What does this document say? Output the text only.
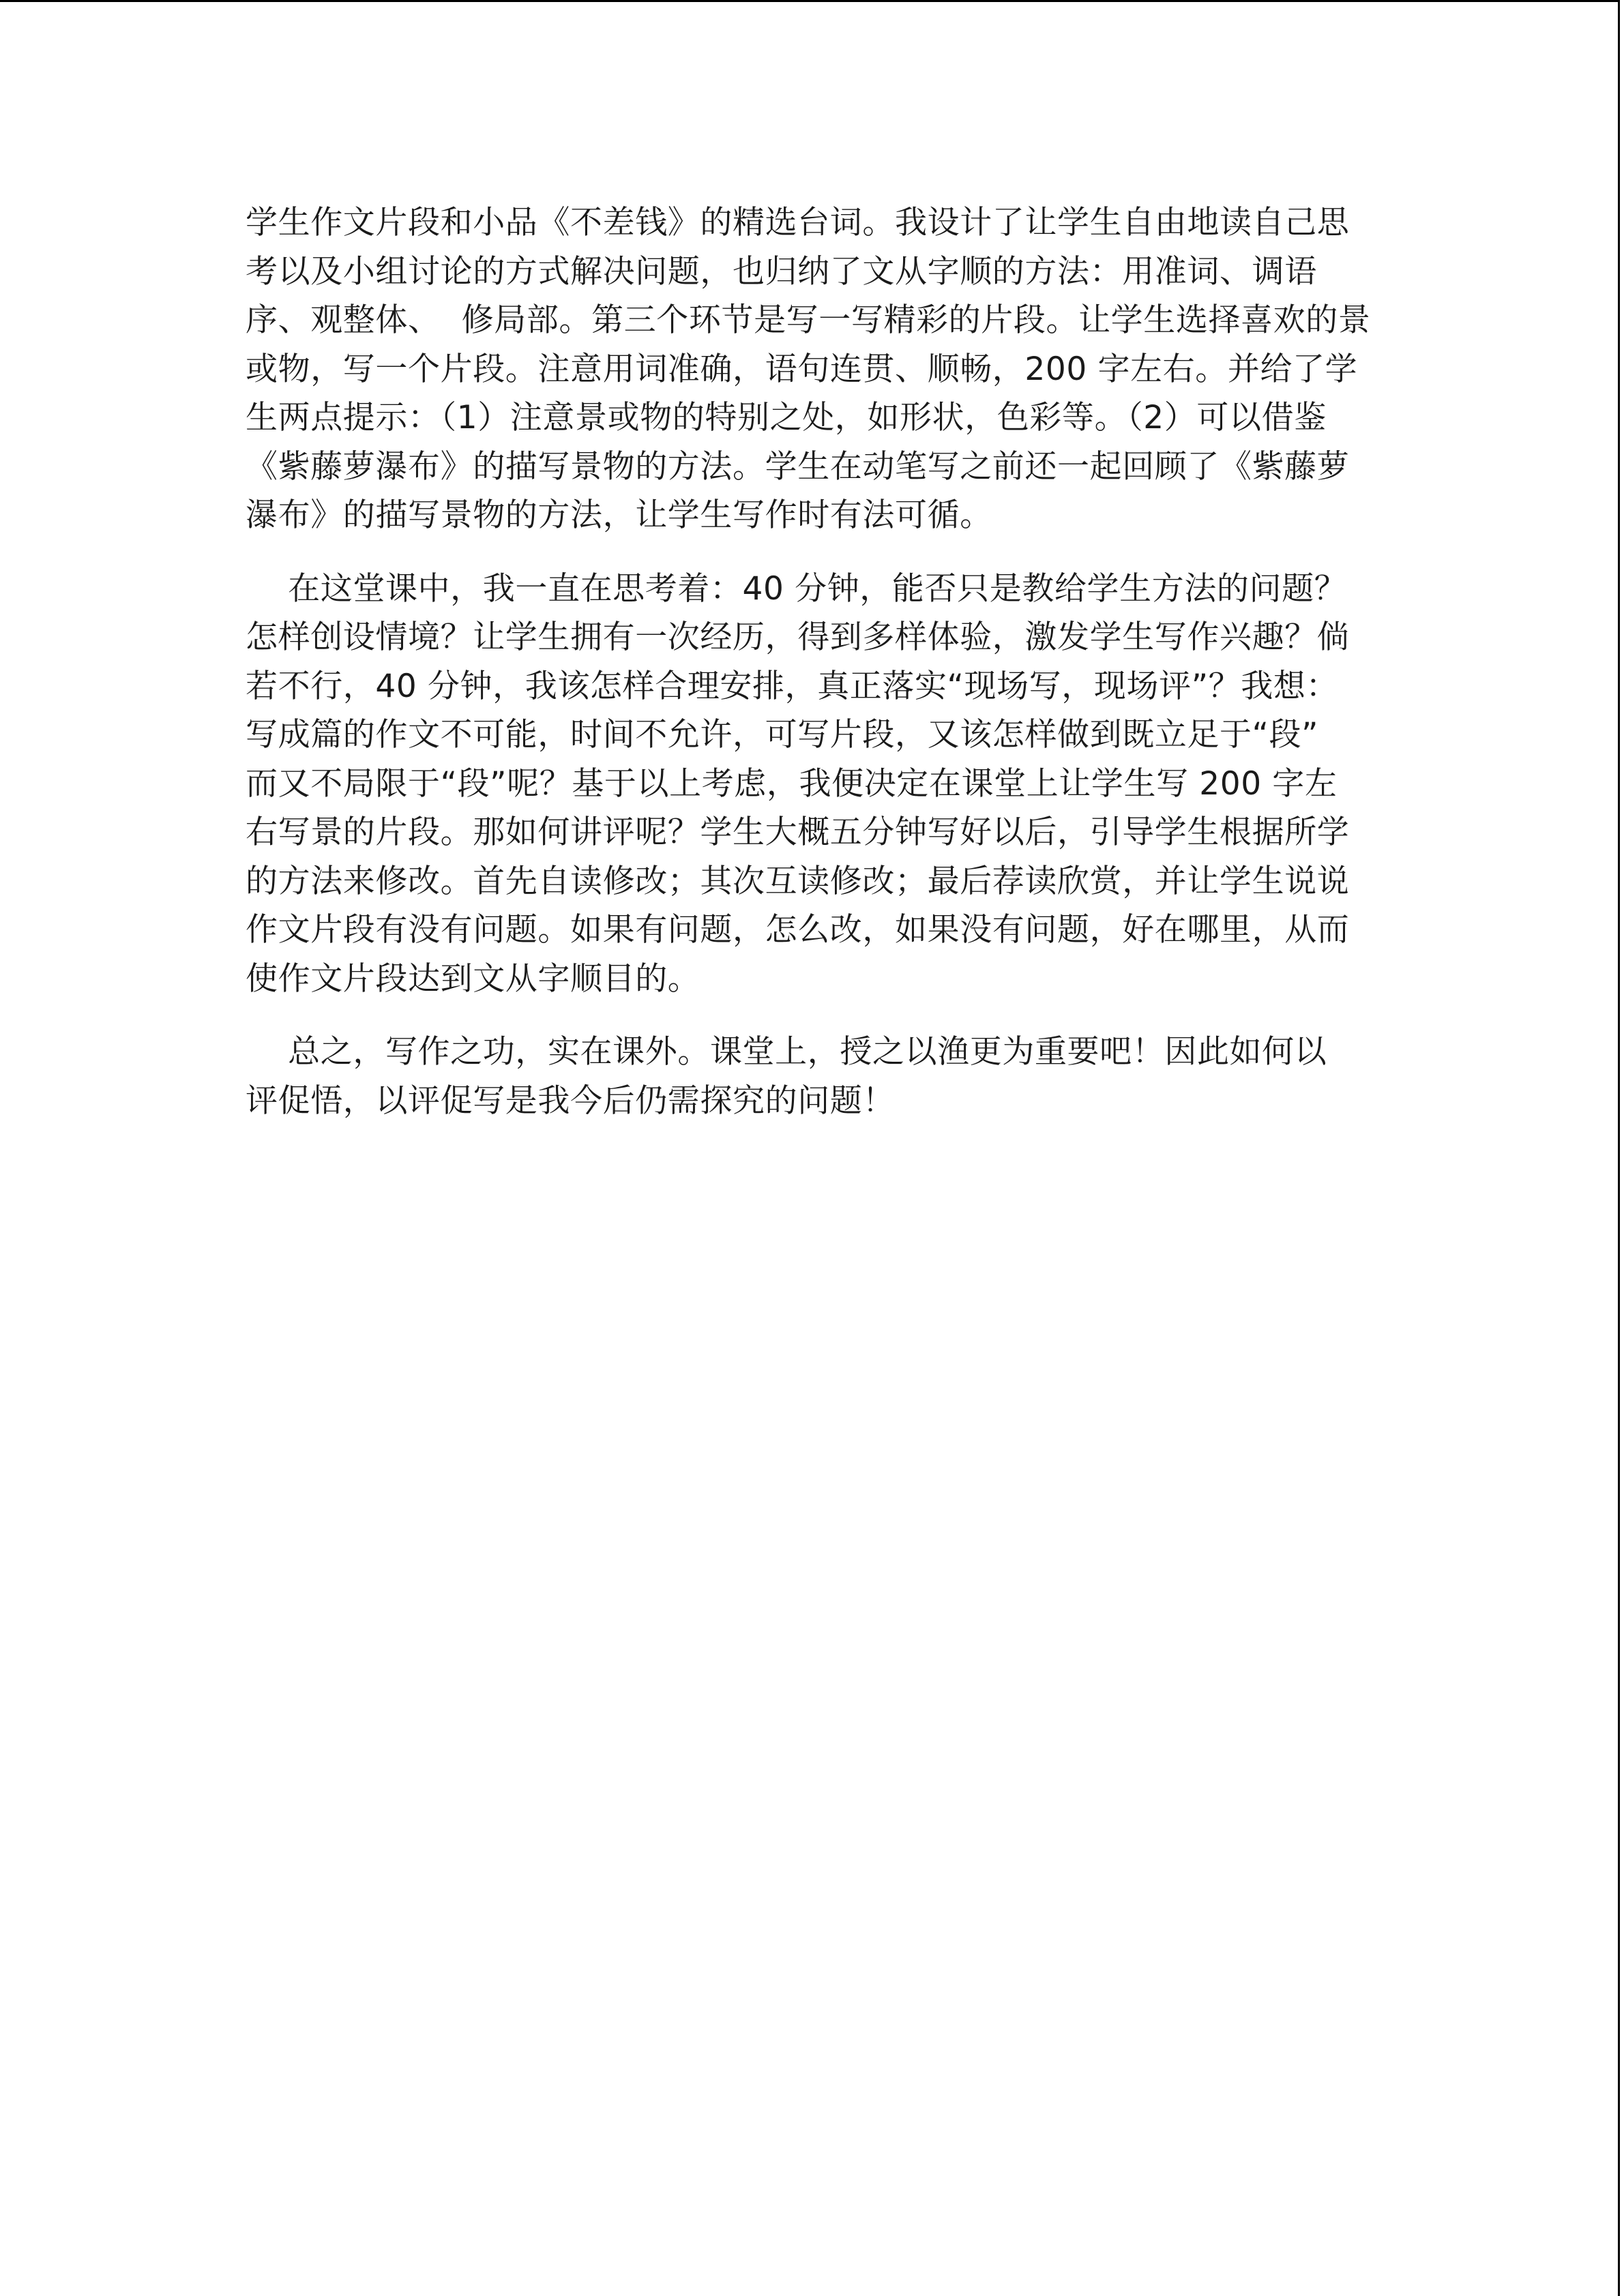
学生作文片段和小品《不差钱》的精选台词。我设计了让学生自由地读自己思
考以及小组讨论的方式解决问题，也归纳了文从字顺的方法：用准词、调语
序、观整体、  修局部。第三个环节是写一写精彩的片段。让学生选择喜欢的景
或物，写一个片段。注意用词准确，语句连贯、顺畅，200 字左右。并给了学
生两点提示：（1）注意景或物的特别之处，如形状，色彩等。（2）可以借鉴
《紫藤萝瀑布》的描写景物的方法。学生在动笔写之前还一起回顾了《紫藤萝
瀑布》的描写景物的方法，让学生写作时有法可循。
在这堂课中，我一直在思考着：40 分钟，能否只是教给学生方法的问题？
怎样创设情境？让学生拥有一次经历，得到多样体验，激发学生写作兴趣？倘
若不行，40 分钟，我该怎样合理安排，真正落实“现场写，现场评”？我想：
写成篇的作文不可能，时间不允许，可写片段，又该怎样做到既立足于“段”
而又不局限于“段”呢？基于以上考虑，我便决定在课堂上让学生写 200 字左
右写景的片段。那如何讲评呢？学生大概五分钟写好以后，引导学生根据所学
的方法来修改。首先自读修改；其次互读修改；最后荐读欣赏，并让学生说说
作文片段有没有问题。如果有问题，怎么改，如果没有问题，好在哪里，从而
使作文片段达到文从字顺目的。
总之，写作之功，实在课外。课堂上，授之以渔更为重要吧！因此如何以
评促悟，以评促写是我今后仍需探究的问题！
